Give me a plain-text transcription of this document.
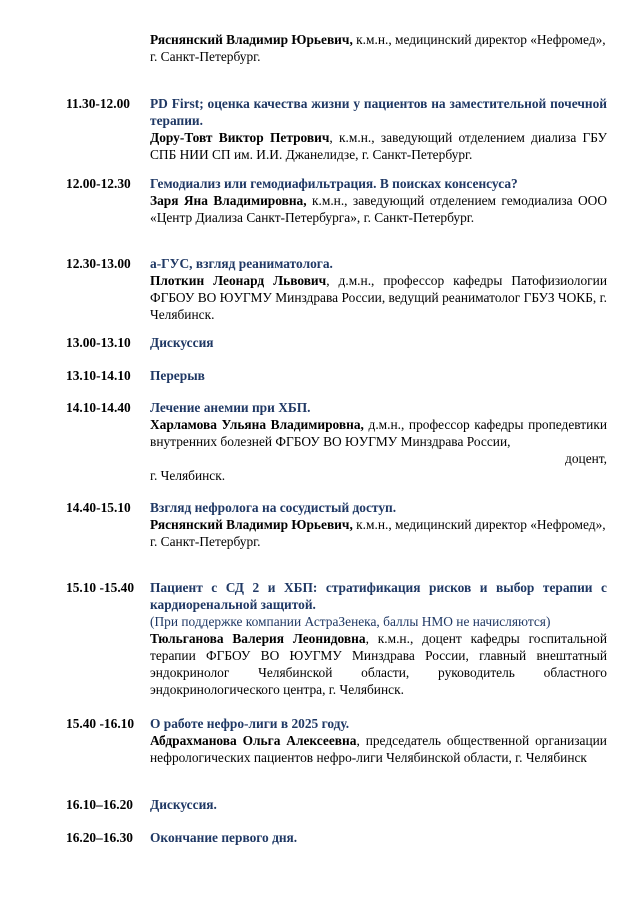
Ряснянский Владимир Юрьевич, к.м.н., медицинский директор «Нефромед»,
г. Санкт-Петербург.
11.30-12.00	PD First; оценка качества жизни у пациентов на заместительной почечной терапии.
Дору-Товт Виктор Петрович, к.м.н., заведующий отделением диализа ГБУ СПБ НИИ СП им. И.И. Джанелидзе, г. Санкт-Петербург.
12.00-12.30	Гемодиализ или гемодиафильтрация. В поисках консенсуса?
Заря Яна Владимировна, к.м.н., заведующий отделением гемодиализа ООО «Центр Диализа Санкт-Петербурга», г. Санкт-Петербург.
12.30-13.00	а-ГУС, взгляд реаниматолога.
Плоткин Леонард Львович, д.м.н., профессор кафедры Патофизиологии ФГБОУ ВО ЮУГМУ Минздрава России, ведущий реаниматолог ГБУЗ ЧОКБ, г. Челябинск.
13.00-13.10	Дискуссия
13.10-14.10	Перерыв
14.10-14.40	Лечение анемии при ХБП.
Харламова Ульяна Владимировна, д.м.н., профессор кафедры пропедевтики внутренних болезней ФГБОУ ВО ЮУГМУ Минздрава России,
доцент,
г. Челябинск.
14.40-15.10	Взгляд нефролога на сосудистый доступ.
Ряснянский Владимир Юрьевич, к.м.н., медицинский директор «Нефромед»,
г. Санкт-Петербург.
15.10 -15.40	Пациент с СД 2 и ХБП: стратификация рисков и выбор терапии с кардиоренальной защитой.
(При поддержке компании АстраЗенека, баллы НМО не начисляются)
Тюльганова Валерия Леонидовна, к.м.н., доцент кафедры госпитальной терапии ФГБОУ ВО ЮУГМУ Минздрава России, главный внештатный эндокринолог Челябинской области, руководитель областного эндокринологического центра, г. Челябинск.
15.40 -16.10	О работе нефро-лиги в 2025 году.
Абдрахманова Ольга Алексеевна, председатель общественной организации нефрологических пациентов нефро-лиги Челябинской области, г. Челябинск
16.10–16.20	Дискуссия.
16.20–16.30	Окончание первого дня.
